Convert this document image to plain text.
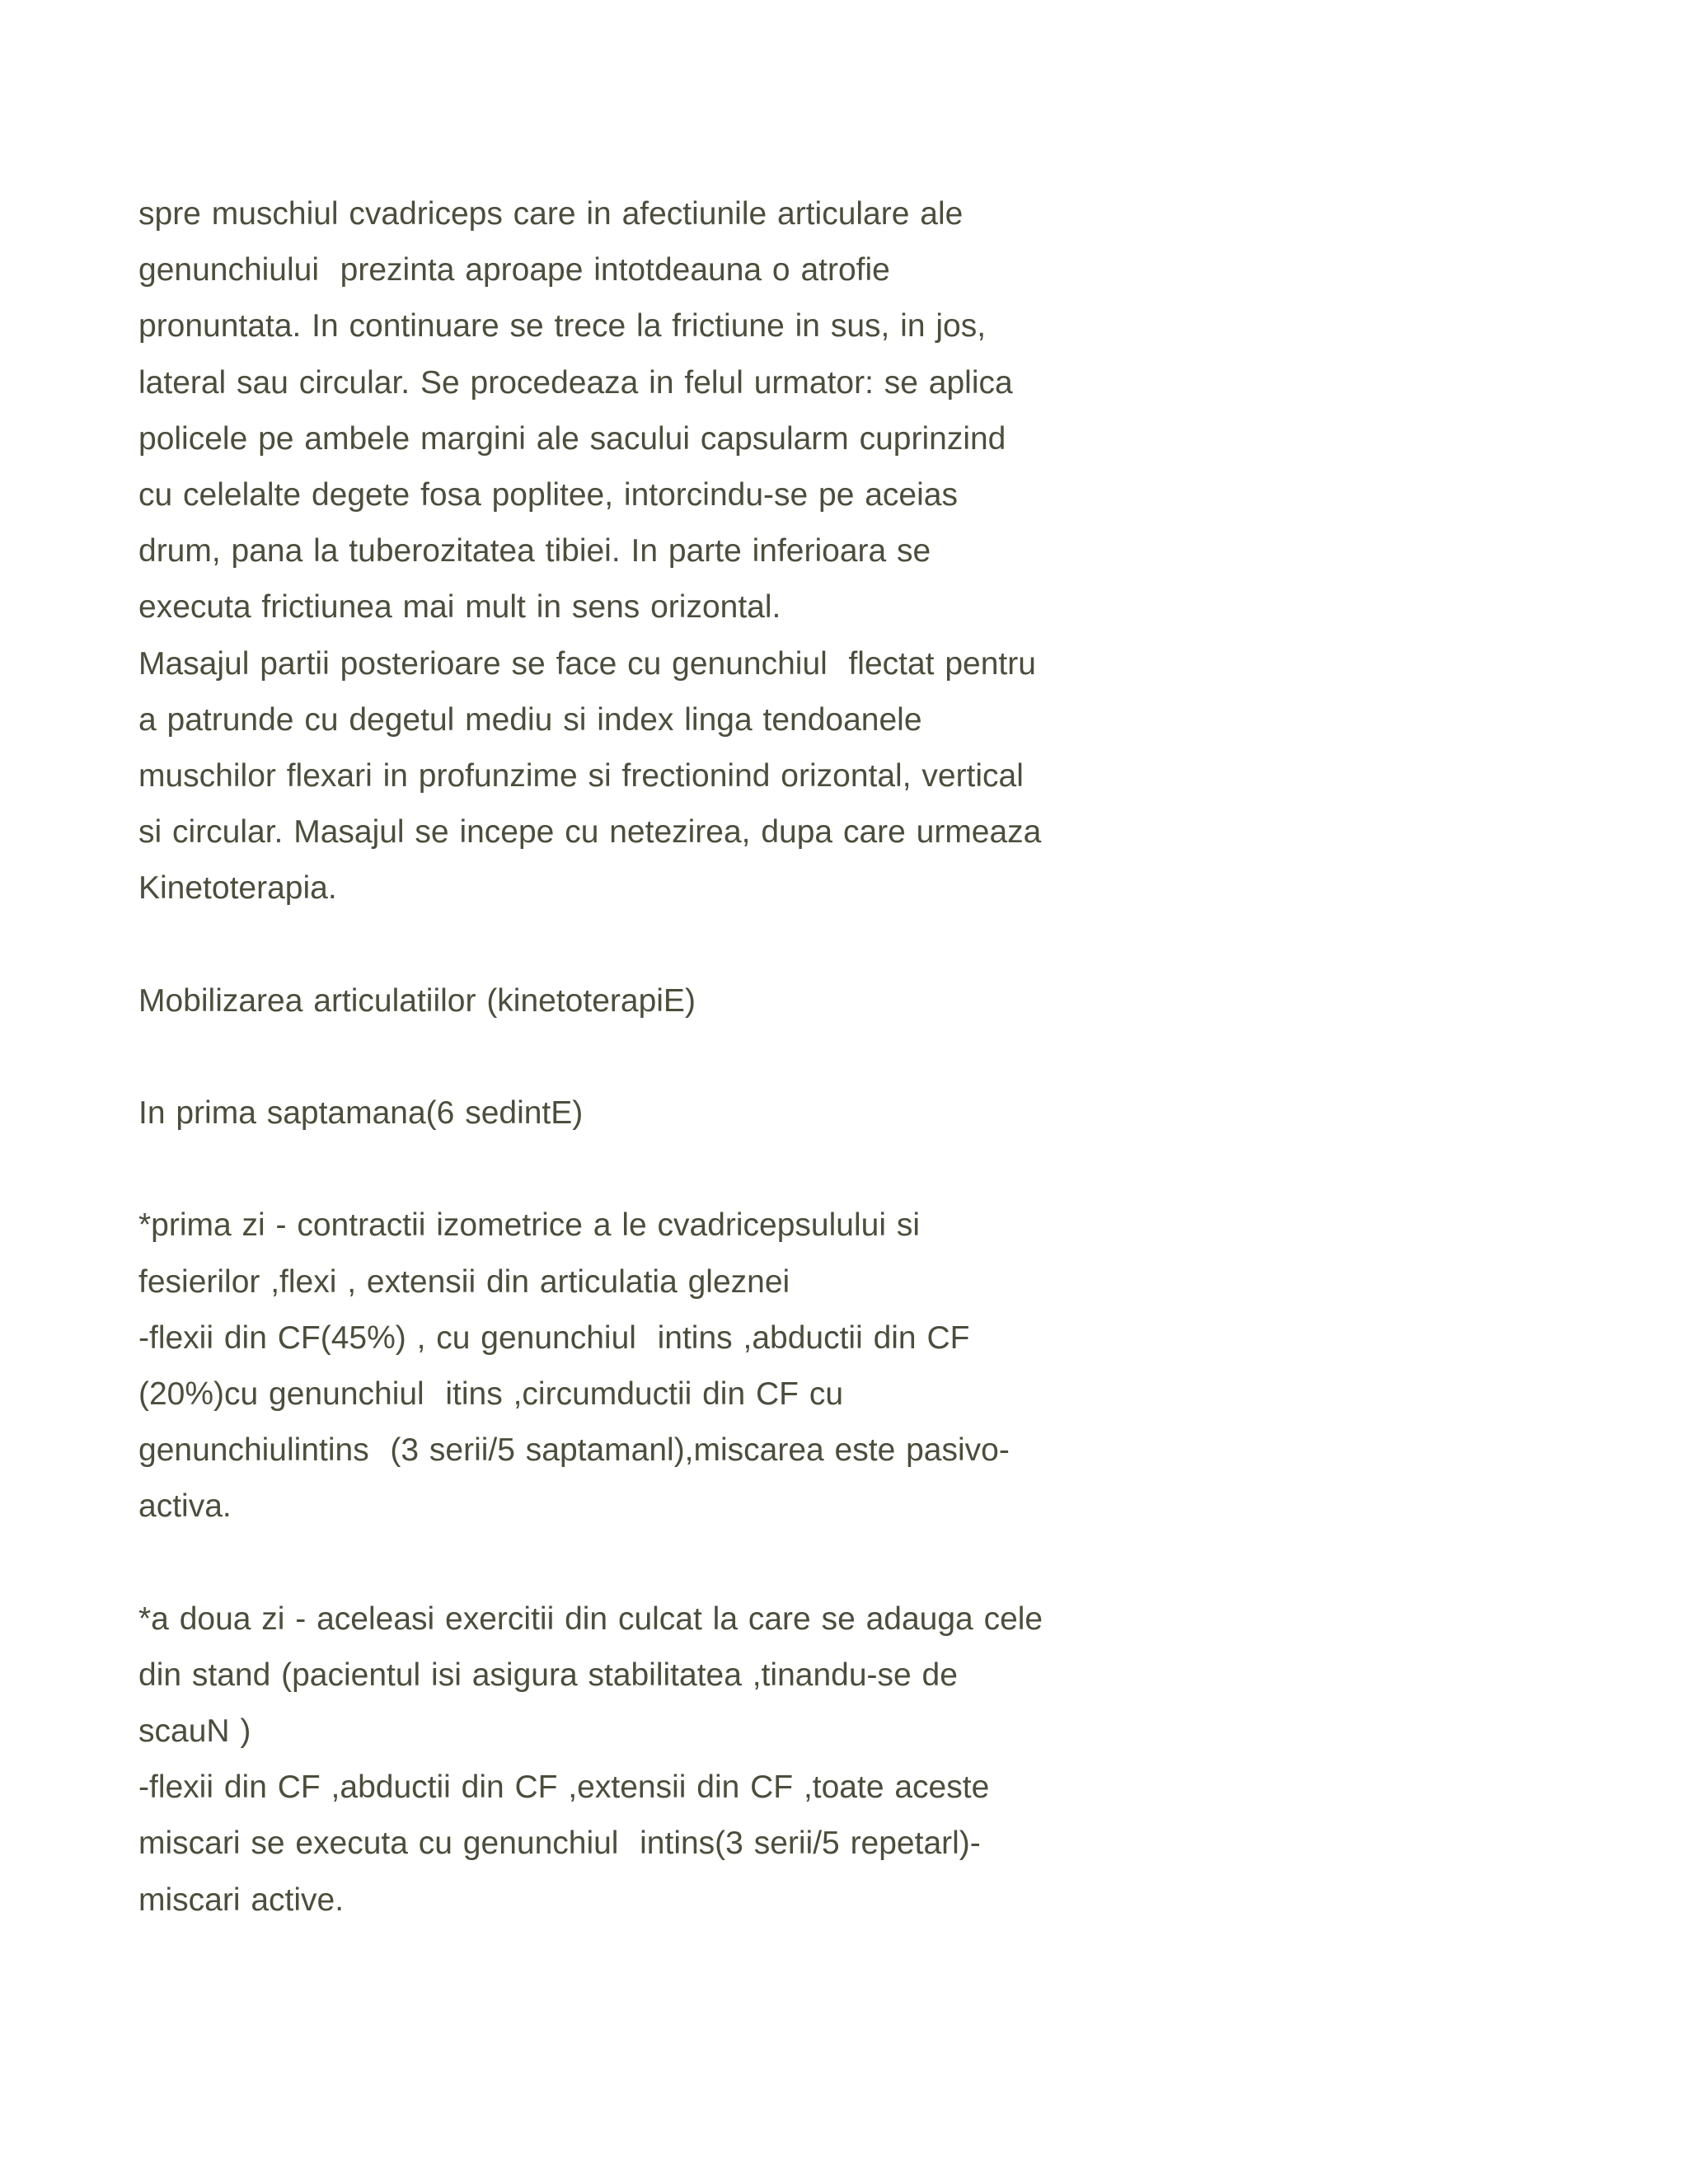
spre muschiul cvadriceps care in afectiunile articulare ale
genunchiului  prezinta aproape intotdeauna o atrofie
pronuntata. In continuare se trece la frictiune in sus, in jos,
lateral sau circular. Se procedeaza in felul urmator: se aplica
policele pe ambele margini ale sacului capsularm cuprinzind
cu celelalte degete fosa poplitee, intorcindu-se pe aceias
drum, pana la tuberozitatea tibiei. In parte inferioara se
executa frictiunea mai mult in sens orizontal.
Masajul partii posterioare se face cu genunchiul  flectat pentru
a patrunde cu degetul mediu si index linga tendoanele
muschilor flexari in profunzime si frectionind orizontal, vertical
si circular. Masajul se incepe cu netezirea, dupa care urmeaza
Kinetoterapia.
Mobilizarea articulatiilor (kinetoterapiE)
In prima saptamana(6 sedintE)
*prima zi - contractii izometrice a le cvadricepsulului si
fesierilor ,flexi , extensii din articulatia gleznei
-flexii din CF(45%) , cu genunchiul  intins ,abductii din CF
(20%)cu genunchiul  itins ,circumductii din CF cu
genunchiulintins  (3 serii/5 saptamanl),miscarea este pasivo-
activa.
*a doua zi - aceleasi exercitii din culcat la care se adauga cele
din stand (pacientul isi asigura stabilitatea ,tinandu-se de
scauN )
-flexii din CF ,abductii din CF ,extensii din CF ,toate aceste
miscari se executa cu genunchiul  intins(3 serii/5 repetarl)-
miscari active.
